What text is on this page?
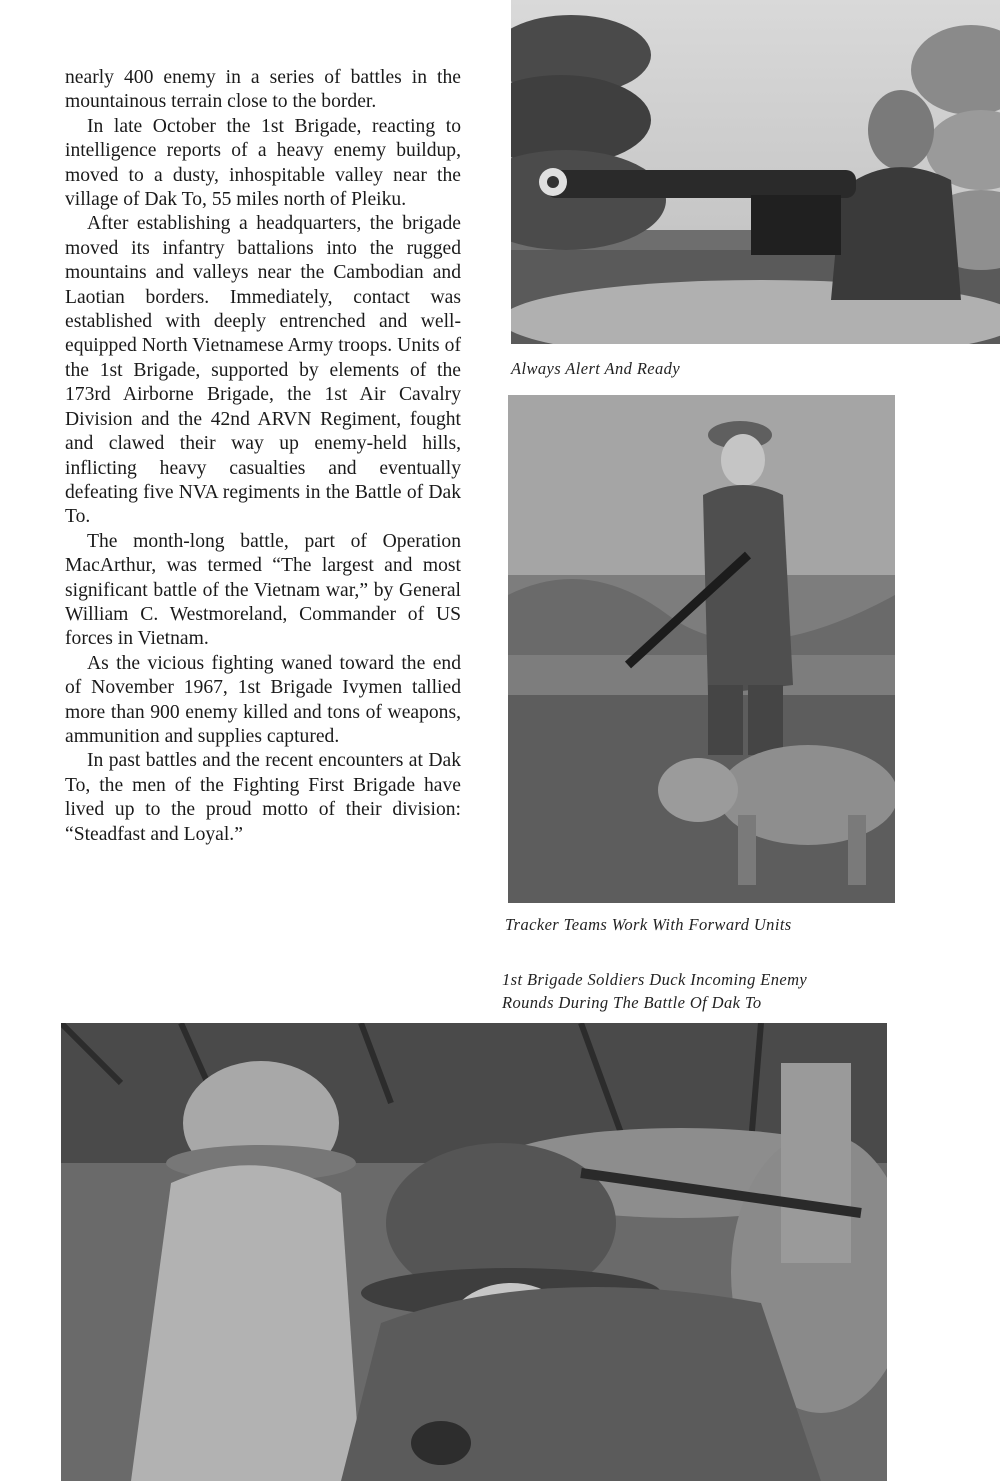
nearly 400 enemy in a series of battles in the mountainous terrain close to the border.

In late October the 1st Brigade, reacting to intelligence reports of a heavy enemy buildup, moved to a dusty, inhospitable valley near the village of Dak To, 55 miles north of Pleiku.

After establishing a headquarters, the brigade moved its infantry battalions into the rugged mountains and valleys near the Cambodian and Laotian borders. Immediately, contact was established with deeply entrenched and well-equipped North Vietnamese Army troops. Units of the 1st Brigade, supported by elements of the 173rd Airborne Brigade, the 1st Air Cavalry Division and the 42nd ARVN Regiment, fought and clawed their way up enemy-held hills, inflicting heavy casualties and eventually defeating five NVA regiments in the Battle of Dak To.

The month-long battle, part of Operation MacArthur, was termed “The largest and most significant battle of the Vietnam war,” by General William C. Westmoreland, Commander of US forces in Vietnam.

As the vicious fighting waned toward the end of November 1967, 1st Brigade Ivymen tallied more than 900 enemy killed and tons of weapons, ammunition and supplies captured.

In past battles and the recent encounters at Dak To, the men of the Fighting First Brigade have lived up to the proud motto of their division: “Steadfast and Loyal.”

Always Alert And Ready
Tracker Teams Work With Forward Units
1st Brigade Soldiers Duck Incoming Enemy
Rounds During The Battle Of Dak To
